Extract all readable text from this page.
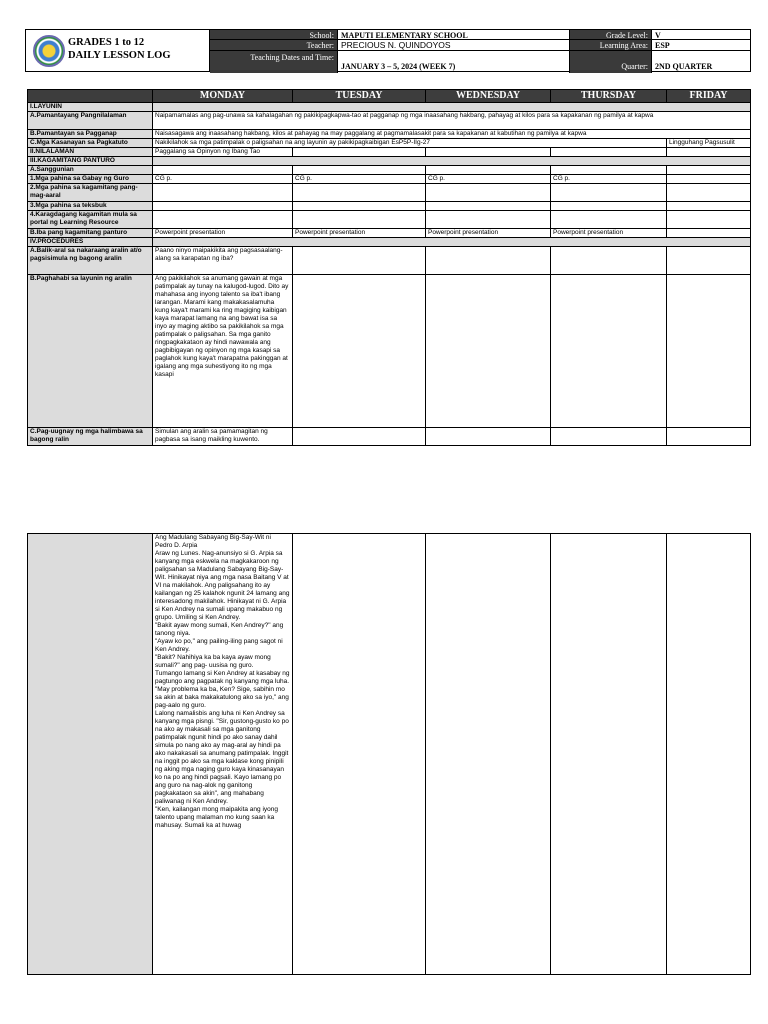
GRADES 1 to 12
DAILY LESSON LOG
School: MAPUTI ELEMENTARY SCHOOL	Grade Level: V
Teacher: PRECIOUS N. QUINDOYOS	Learning Area: ESP
Teaching Dates and Time:
JANUARY 3 – 5, 2024 (WEEK 7)	Quarter: 2ND QUARTER
	MONDAY	TUESDAY	WEDNESDAY	THURSDAY	FRIDAY
I.LAYUNIN					
A.Pamantayang Pangnilalaman	Naipamamalas ang pag-unawa sa kahalagahan ng pakikipagkapwa-tao at pagganap ng mga inaasahang hakbang, pahayag at kilos para sa kapakanan ng pamilya at kapwa				
B.Pamantayan sa Pagganap	Naisasagawa ang inaasahang hakbang, kilos at pahayag na may paggalang at pagmamalasakit para sa kapakanan at kabutihan ng pamilya at kapwa				
C.Mga Kasanayan sa Pagkatuto	Nakikilahok sa mga patimpalak o paligsahan na ang layunin ay pakikipagkaibigan EsP5P-IIg-27				Lingguhang Pagsusulit
II.NILALAMAN	Paggalang sa Opinyon ng Ibang Tao				
III.KAGAMITANG PANTURO					
A.Sanggunian					
1.Mga pahina sa Gabay ng Guro	CG p.	CG p.	CG p.	CG p.	
2.Mga pahina sa kagamitang pang-mag-aaral					
3.Mga pahina sa teksbuk					
4.Karagdagang kagamitan mula sa portal ng Learning Resource					
B.Iba pang kagamitang panturo	Powerpoint presentation	Powerpoint presentation	Powerpoint presentation	Powerpoint presentation	
IV.PROCEDURES					
A.Balik-aral sa nakaraang aralin at/o pagsisimula ng bagong aralin	Paano ninyo maipakikita ang pagsasaalang-alang sa karapatan ng iba?				
B.Paghahabi sa layunin ng aralin	Ang pakikilahok sa anumang gawain at mga patimpalak ay tunay na kalugod-lugod. Dito ay mahahasa ang inyong talento sa iba't ibang larangan. Marami kang makakasalamuha kung kaya't marami ka ring magiging kaibigan kaya marapat lamang na ang bawat isa sa inyo ay maging aktibo sa pakikilahok sa mga patimpalak o paligsahan. Sa mga ganito ringpagkakataon ay hindi nawawala ang pagbibigayan ng opinyon ng mga kasapi sa paglahok kung kaya't marapatna pakinggan at igalang ang mga suhestiyong ito ng mga kasapi				
C.Pag-uugnay ng mga halimbawa sa bagong ralin	Simulan ang aralin sa pamamagitan ng pagbasa sa isang maikling kuwento.				
	Ang Madulang Sabayang Big-Say-Wit ni Pedro D. Arpia
Araw ng Lunes. Nag-anunsiyo si G. Arpia sa kanyang mga eskwela na magkakaroon ng paligsahan sa Madulang Sabayang Big-Say-Wit. Hinikayat niya ang mga nasa Baitang V at VI na makilahok. Ang paligsahang ito ay kailangan ng 25 kalahok ngunit 24 lamang ang interesadong makilahok. Hinikayat ni G. Arpia si Ken Andrey na sumali upang makabuo ng grupo. Umiling si Ken Andrey.
"Bakit ayaw mong sumali, Ken Andrey?" ang tanong niya.
"Ayaw ko po," ang pailing-iling pang sagot ni Ken Andrey.
"Bakit? Nahihiya ka ba kaya ayaw mong sumali?" ang pag- uusisa ng guro.
Tumango lamang si Ken Andrey at kasabay ng pagtungo ang pagpatak ng kanyang mga luha.
"May problema ka ba, Ken? Sige, sabihin mo sa akin at baka makakatulong ako sa iyo," ang pag-aalo ng guro.
Lalong namalisbis ang luha ni Ken Andrey sa kanyang mga pisngi. "Sir, gustong-gusto ko po na ako ay makasali sa mga ganitong patimpalak ngunit hindi po ako sanay dahil simula po nang ako ay mag-aral ay hindi pa ako nakakasali sa anumang patimpalak. Inggit na inggit po ako sa mga kaklase kong pinipili ng aking mga naging guro kaya kinasanayan ko na po ang hindi pagsali. Kayo lamang po ang guro na nag-alok ng ganitong pagkakataon sa akin", ang mahabang paliwanag ni Ken Andrey.
"Ken, kailangan mong maipakita ang iyong talento upang malaman mo kung saan ka mahusay. Sumali ka at huwag				
